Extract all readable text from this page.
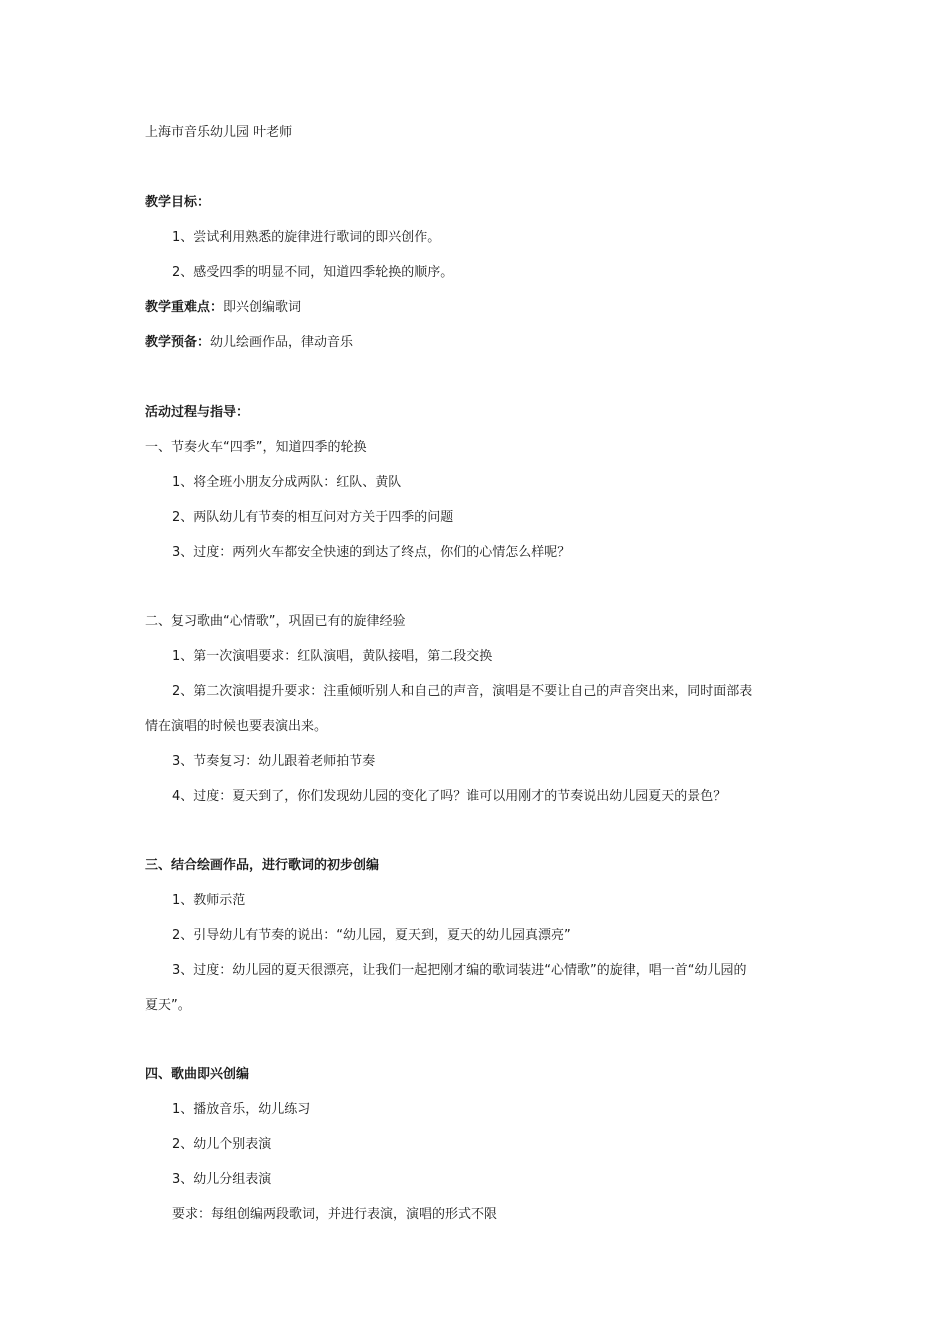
上海市音乐幼儿园 叶老师
教学目标：
1、尝试利用熟悉的旋律进行歌词的即兴创作。
2、感受四季的明显不同，知道四季轮换的顺序。
教学重难点：即兴创编歌词
教学预备：幼儿绘画作品，律动音乐
活动过程与指导：
一、节奏火车“四季”，知道四季的轮换
1、将全班小朋友分成两队：红队、黄队
2、两队幼儿有节奏的相互问对方关于四季的问题
3、过度：两列火车都安全快速的到达了终点，你们的心情怎么样呢？
二、复习歌曲“心情歌”，巩固已有的旋律经验
1、第一次演唱要求：红队演唱，黄队接唱，第二段交换
2、第二次演唱提升要求：注重倾听别人和自己的声音，演唱是不要让自己的声音突出来，同时面部表
情在演唱的时候也要表演出来。
3、节奏复习：幼儿跟着老师拍节奏
4、过度：夏天到了，你们发现幼儿园的变化了吗？谁可以用刚才的节奏说出幼儿园夏天的景色？
三、结合绘画作品，进行歌词的初步创编
1、教师示范
2、引导幼儿有节奏的说出：“幼儿园，夏天到，夏天的幼儿园真漂亮”
3、过度：幼儿园的夏天很漂亮，让我们一起把刚才编的歌词装进“心情歌”的旋律，唱一首“幼儿园的
夏天”。
四、歌曲即兴创编
1、播放音乐，幼儿练习
2、幼儿个别表演
3、幼儿分组表演
要求：每组创编两段歌词，并进行表演，演唱的形式不限
